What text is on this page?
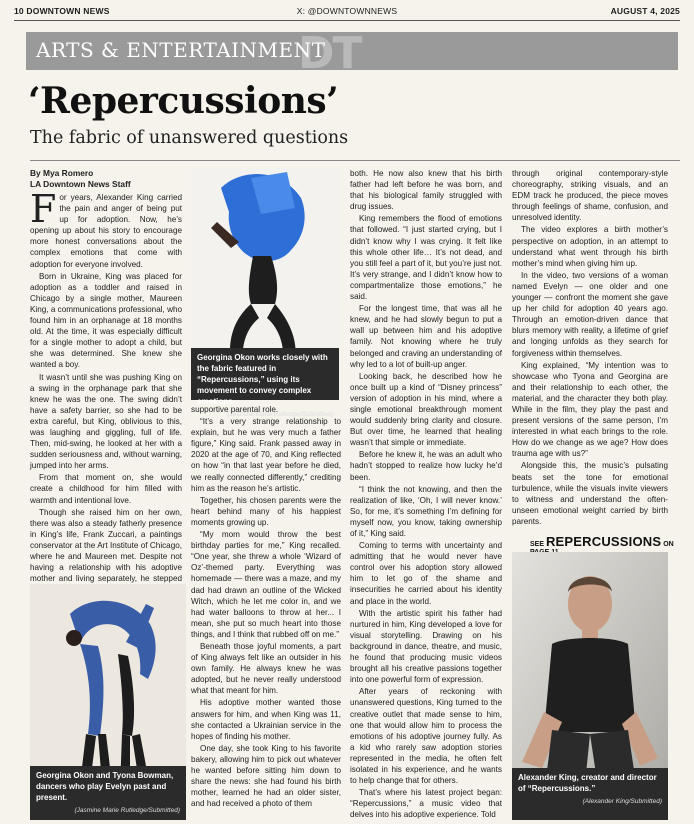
10 DOWNTOWN NEWS	X: @DOWNTOWNNEWS	AUGUST 4, 2025
DT
ARTS & ENTERTAINMENT
‘Repercussions’
The fabric of unanswered questions
By Mya Romero
LA Downtown News Staff

For years, Alexander King carried the pain and anger of being put up for adoption. Now, he’s opening up about his story to encourage more honest conversations about the complex emotions that come with adoption for everyone involved.

Born in Ukraine, King was placed for adoption as a toddler and raised in Chicago by a single mother, Maureen King, a communications professional, who found him in an orphanage at 18 months old. At the time, it was especially difficult for a single mother to adopt a child, but she was determined. She knew she wanted a boy.

It wasn’t until she was pushing King on a swing in the orphanage park that she knew he was the one. The swing didn’t have a safety barrier, so she had to be extra careful, but King, oblivious to this, was laughing and giggling, full of life. Then, mid-swing, he looked at her with a sudden seriousness and, without warning, jumped into her arms.

From that moment on, she would create a childhood for him filled with warmth and intentional love.

Though she raised him on her own, there was also a steady fatherly presence in King’s life, Frank Zuccari, a paintings conservator at the Art Institute of Chicago, where he and Maureen met. Despite not having a relationship with his adoptive mother and living separately, he stepped

Georgina Okon and Tyona Bowman, dancers who play Evelyn past and present.
(Jasmine Marie Rutledge/Submitted)
Georgina Okon works closely with the fabric featured in “Repercussions,” using its movement to convey complex emotions.
(Jasmine Marie Rutledge/Submitted)

supportive parental role.

“It’s a very strange relationship to explain, but he was very much a father figure,” King said. Frank passed away in 2020 at the age of 70, and King reflected on how “in that last year before he died, we really connected differently,” crediting him as the reason he’s artistic.

Together, his chosen parents were the heart behind many of his happiest moments growing up.

“My mom would throw the best birthday parties for me,” King recalled. “One year, she threw a whole ‘Wizard of Oz’-themed party. Everything was homemade — there was a maze, and my dad had drawn an outline of the Wicked Witch, which he let me color in, and we had water balloons to throw at her... I mean, she put so much heart into those things, and I think that rubbed off on me.”

Beneath those joyful moments, a part of King always felt like an outsider in his own family. He always knew he was adopted, but he never really understood what that meant for him.

His adoptive mother wanted those answers for him, and when King was 11, she contacted a Ukrainian service in the hopes of finding his mother.

One day, she took King to his favorite bakery, allowing him to pick out whatever he wanted before sitting him down to share the news: she had found his birth mother, learned he had an older sister, and had received a photo of them

both. He now also knew that his birth father had left before he was born, and that his biological family struggled with drug issues.

King remembers the flood of emotions that followed. “I just started crying, but I didn’t know why I was crying. It felt like this whole other life… It’s not dead, and you still feel a part of it, but you’re just not. It’s very strange, and I didn’t know how to compartmentalize those emotions,” he said.

For the longest time, that was all he knew, and he had slowly begun to put a wall up between him and his adoptive family. Not knowing where he truly belonged and craving an understanding of why led to a lot of built-up anger.

Looking back, he described how he once built up a kind of “Disney princess” version of adoption in his mind, where a single emotional breakthrough moment would suddenly bring clarity and closure. But over time, he learned that healing wasn’t that simple or immediate.

Before he knew it, he was an adult who hadn’t stopped to realize how lucky he’d been.

“I think the not knowing, and then the realization of like, ‘Oh, I will never know.’ So, for me, it’s something I’m defining for myself now, you know, taking ownership of it,” King said.

Coming to terms with uncertainty and admitting that he would never have control over his adoption story allowed him to let go of the shame and insecurities he carried about his identity and place in the world.

With the artistic spirit his father had nurtured in him, King developed a love for visual storytelling. Drawing on his background in dance, theatre, and music, he found that producing music videos brought all his creative passions together into one powerful form of expression.

After years of reckoning with unanswered questions, King turned to the creative outlet that made sense to him, one that would allow him to process the emotions of his adoptive journey fully. As a kid who rarely saw adoption stories represented in the media, he often felt isolated in his experience, and he wants to help change that for others.

That’s where his latest project began: “Repercussions,” a music video that delves into his adoptive experience. Told

through original contemporary-style choreography, striking visuals, and an EDM track he produced, the piece moves through feelings of shame, confusion, and unresolved identity.

The video explores a birth mother’s perspective on adoption, in an attempt to understand what went through his birth mother’s mind when giving him up.

In the video, two versions of a woman named Evelyn — one older and one younger — confront the moment she gave up her child for adoption 40 years ago. Through an emotion-driven dance that blurs memory with reality, a lifetime of grief and longing unfolds as they search for forgiveness within themselves.

King explained, “My intention was to showcase who Tyona and Georgina are and their relationship to each other, the material, and the character they both play. While in the film, they play the past and present versions of the same person, I’m interested in what each brings to the role. How do we change as we age? How does trauma age with us?”

Alongside this, the music’s pulsating beats set the tone for emotional turbulence, while the visuals invite viewers to witness and understand the often-unseen emotional weight carried by birth parents.

SEE REPERCUSSIONS ON
Alexander King, creator and director of “Repercussions.”
(Alexander King/Submitted)
